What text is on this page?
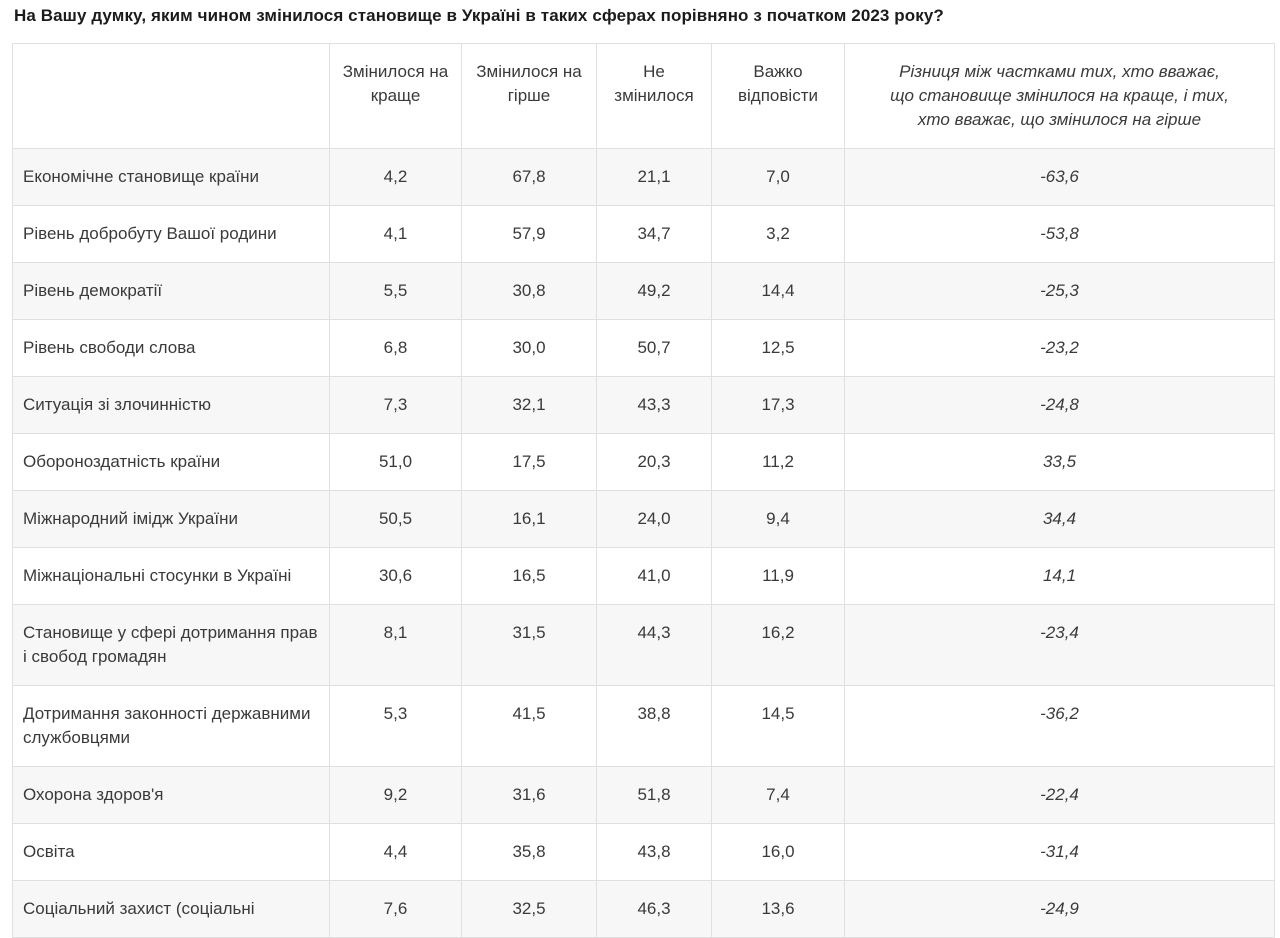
На Вашу думку, яким чином змінилося становище в Україні в таких сферах порівняно з початком 2023 року?
	Змінилося на краще	Змінилося на гірше	Не змінилося	Важко відповісти	Різниця між частками тих, хто вважає, що становище змінилося на краще, і тих, хто вважає, що змінилося на гірше
Економічне становище країни	4,2	67,8	21,1	7,0	-63,6
Рівень добробуту Вашої родини	4,1	57,9	34,7	3,2	-53,8
Рівень демократії	5,5	30,8	49,2	14,4	-25,3
Рівень свободи слова	6,8	30,0	50,7	12,5	-23,2
Ситуація зі злочинністю	7,3	32,1	43,3	17,3	-24,8
Обороноздатність країни	51,0	17,5	20,3	11,2	33,5
Міжнародний імідж України	50,5	16,1	24,0	9,4	34,4
Міжнаціональні стосунки в Україні	30,6	16,5	41,0	11,9	14,1
Становище у сфері дотримання прав і свобод громадян	8,1	31,5	44,3	16,2	-23,4
Дотримання законності державними службовцями	5,3	41,5	38,8	14,5	-36,2
Охорона здоров'я	9,2	31,6	51,8	7,4	-22,4
Освіта	4,4	35,8	43,8	16,0	-31,4
Соціальний захист (соціальні	7,6	32,5	46,3	13,6	-24,9
